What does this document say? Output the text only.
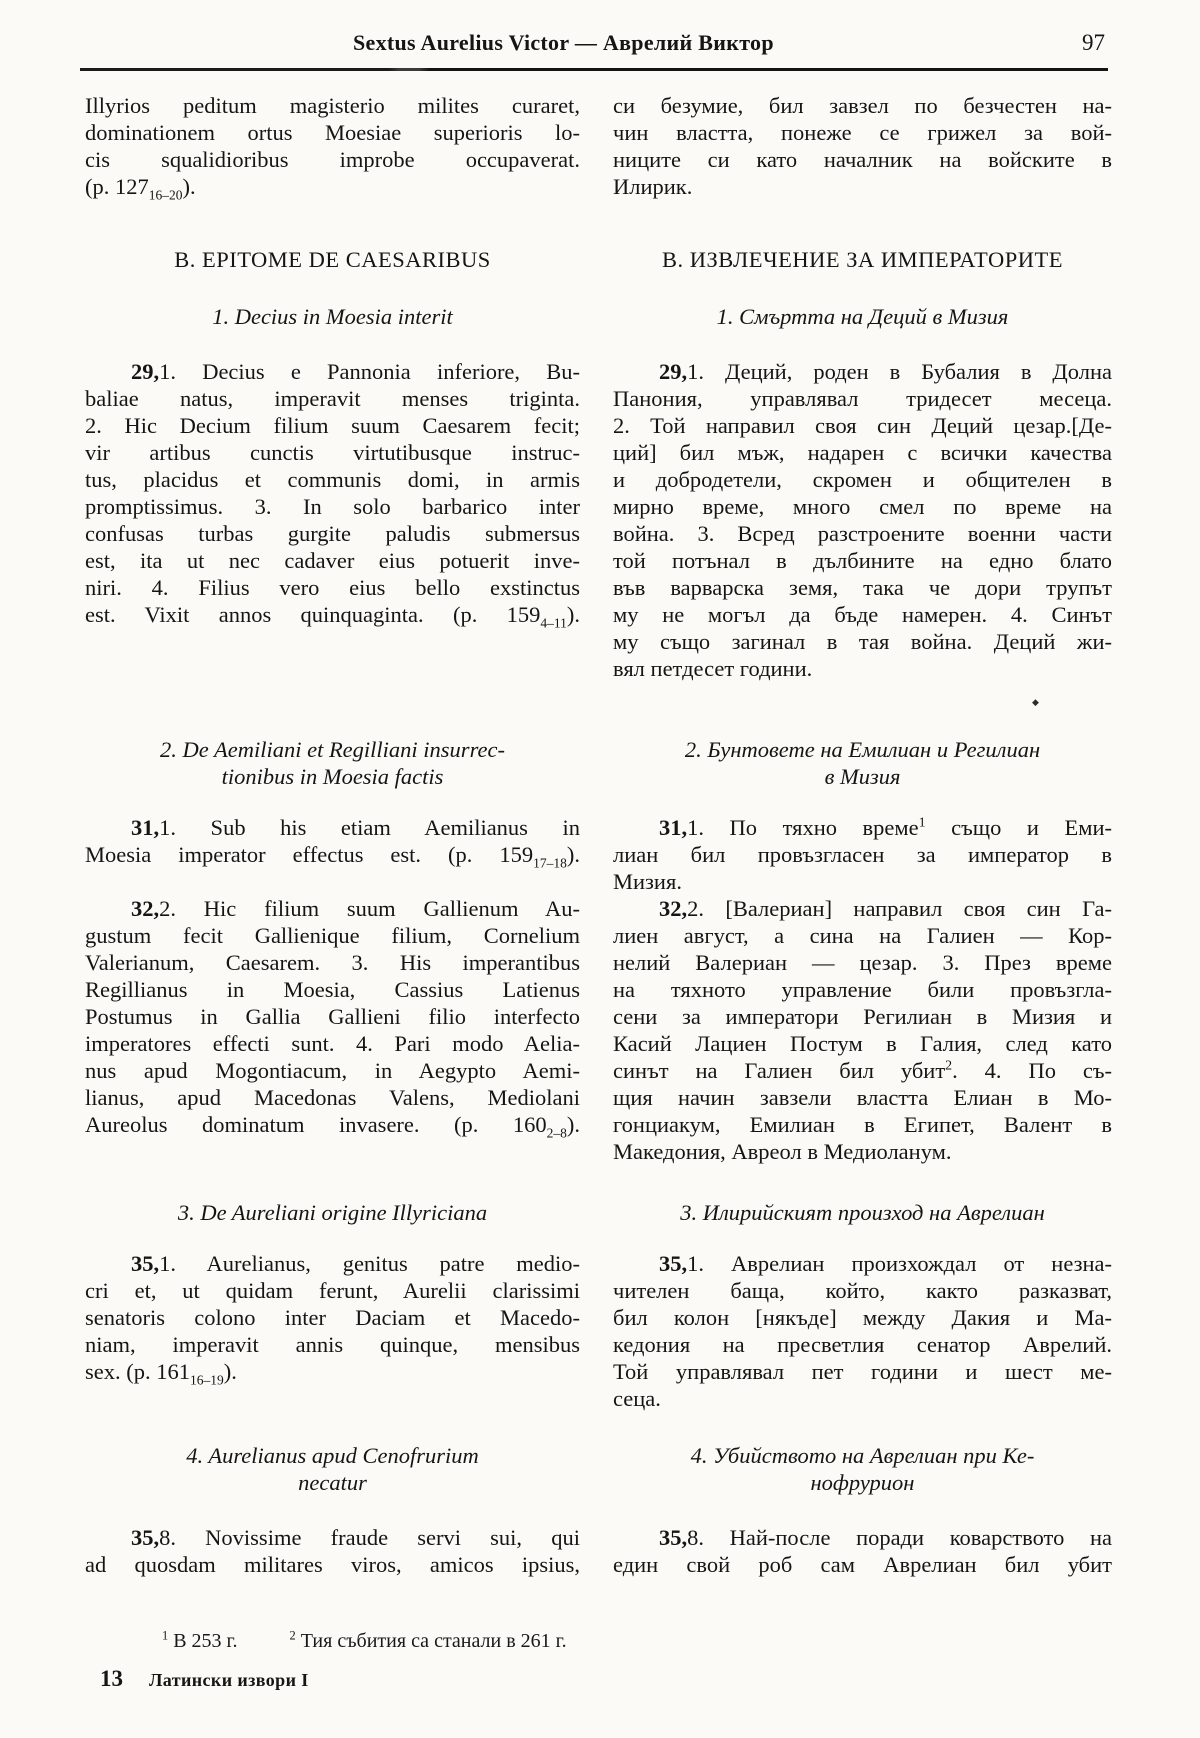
Sextus Aurelius Victor — Аврелий Виктор	97
Illyrios peditum magisterio milites curaret,
dominationem ortus Moesiae superioris lo-
cis squalidioribus improbe occupaverat.
(p. $127_{16-20}$).
си безумие, бил завзел по безчестен на-
чин властта, понеже се грижел за вой-
ниците си като началник на войските в
Илирик.
B. EPITOME DE CAESARIBUS	В. ИЗВЛЕЧЕНИЕ ЗА ИМПЕРАТОРИТЕ
1. Decius in Moesia interit	1. Смъртта на Деций в Мизия
29,1. Decius e Pannonia inferiore, Bu-
baliae natus, imperavit menses triginta.
2. Hic Decium filium suum Caesarem fecit;
vir artibus cunctis virtutibusque instruc-
tus, placidus et communis domi, in armis
promptissimus. 3. In solo barbarico inter
confusas turbas gurgite paludis submersus
est, ita ut nec cadaver eius potuerit inve-
niri. 4. Filius vero eius bello exstinctus
est. Vixit annos quinquaginta. (p. $159_{4-11}$).
29,1. Деций, роден в Бубалия в Долна
Панония, управлявал тридесет месеца.
2. Той направил своя син Деций цезар.[Де-
ций] бил мъж, надарен с всички качества
и добродетели, скромен и общителен в
мирно време, много смел по време на
война. 3. Всред разстроените военни части
той потънал в дълбините на едно блато
във варварска земя, така че дори трупът
му не могъл да бъде намерен. 4. Синът
му също загинал в тая война. Деций жи-
вял петдесет години.
2. De Aemiliani et Regilliani insurrec-
tionibus in Moesia factis
2. Бунтовете на Емилиан и Регилиан
в Мизия
31,1. Sub his etiam Aemilianus in
Moesia imperator effectus est. (p. $159_{17-18}$).
31,1. По тяхно време$^1$ също и Еми-
лиан бил провъзгласен за император в
Мизия.
32,2. Hic filium suum Gallienum Au-
gustum fecit Gallienique filium, Cornelium
Valerianum, Caesarem. 3. His imperantibus
Regillianus in Moesia, Cassius Latienus
Postumus in Gallia Gallieni filio interfecto
imperatores effecti sunt. 4. Pari modo Aelia-
nus apud Mogontiacum, in Aegypto Aemi-
lianus, apud Macedonas Valens, Mediolani
Aureolus dominatum invasere. (p. $160_{2-8}$).
32,2. [Валериан] направил своя син Га-
лиен август, а сина на Галиен — Кор-
нелий Валериан — цезар. 3. През време
на тяхното управление били провъзгла-
сени за императори Регилиан в Мизия и
Касий Лациен Постум в Галия, след като
синът на Галиен бил убит$^2$. 4. По съ-
щия начин завзели властта Елиан в Мо-
гонциакум, Емилиан в Египет, Валент в
Македония, Авреол в Медиоланум.
3. De Aureliani origine Illyriciana	3. Илирийският произход на Аврелиан
35,1. Aurelianus, genitus patre medio-
cri et, ut quidam ferunt, Aurelii clarissimi
senatoris colono inter Daciam et Macedo-
niam, imperavit annis quinque, mensibus
sex. (p. $161_{16-19}$).
35,1. Аврелиан произхождал от незна-
чителен баща, който, както разказват,
бил колон [някъде] между Дакия и Ма-
кедония на пресветлия сенатор Аврелий.
Той управлявал пет години и шест ме-
сеца.
4. Aurelianus apud Cenofrurium
necatur
4. Убийството на Аврелиан при Ке-
нофрурион
35,8. Novissime fraude servi sui, qui
ad quosdam militares viros, amicos ipsius,
35,8. Най-после поради коварството на
един свой роб сам Аврелиан бил убит
$^1$ В 253 г.	$^2$ Тия събития са станали в 261 г.
13 Латински извори I
◆
